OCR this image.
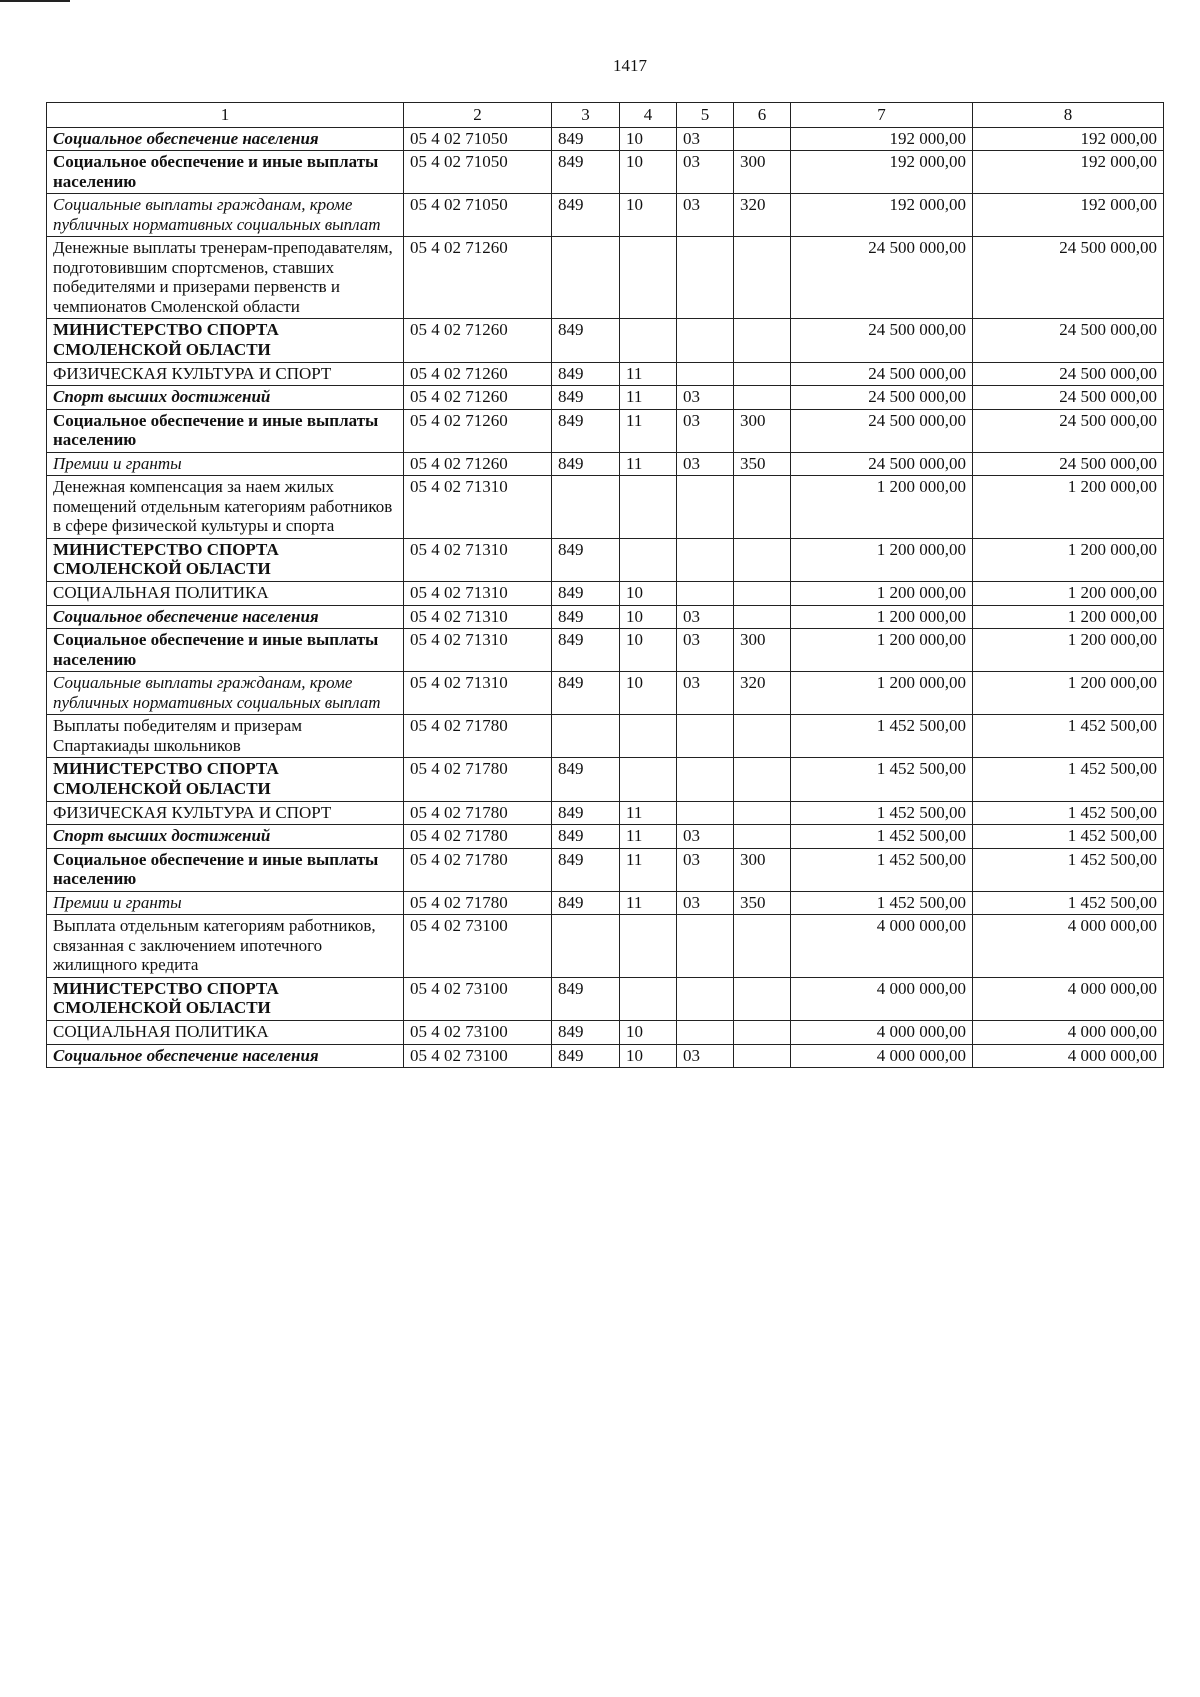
1417
1	2	3	4	5	6	7	8
Социальное обеспечение населения	05 4 02 71050	849	10	03		192 000,00	192 000,00
Социальное обеспечение и иные выплаты населению	05 4 02 71050	849	10	03	300	192 000,00	192 000,00
Социальные выплаты гражданам, кроме публичных нормативных социальных выплат	05 4 02 71050	849	10	03	320	192 000,00	192 000,00
Денежные выплаты тренерам-преподавателям, подготовившим спортсменов, ставших победителями и призерами первенств и чемпионатов Смоленской области	05 4 02 71260					24 500 000,00	24 500 000,00
МИНИСТЕРСТВО СПОРТА СМОЛЕНСКОЙ ОБЛАСТИ	05 4 02 71260	849				24 500 000,00	24 500 000,00
ФИЗИЧЕСКАЯ КУЛЬТУРА И СПОРТ	05 4 02 71260	849	11			24 500 000,00	24 500 000,00
Спорт высших достижений	05 4 02 71260	849	11	03		24 500 000,00	24 500 000,00
Социальное обеспечение и иные выплаты населению	05 4 02 71260	849	11	03	300	24 500 000,00	24 500 000,00
Премии и гранты	05 4 02 71260	849	11	03	350	24 500 000,00	24 500 000,00
Денежная компенсация за наем жилых помещений отдельным категориям работников в сфере физической культуры и спорта	05 4 02 71310					1 200 000,00	1 200 000,00
МИНИСТЕРСТВО СПОРТА СМОЛЕНСКОЙ ОБЛАСТИ	05 4 02 71310	849				1 200 000,00	1 200 000,00
СОЦИАЛЬНАЯ ПОЛИТИКА	05 4 02 71310	849	10			1 200 000,00	1 200 000,00
Социальное обеспечение населения	05 4 02 71310	849	10	03		1 200 000,00	1 200 000,00
Социальное обеспечение и иные выплаты населению	05 4 02 71310	849	10	03	300	1 200 000,00	1 200 000,00
Социальные выплаты гражданам, кроме публичных нормативных социальных выплат	05 4 02 71310	849	10	03	320	1 200 000,00	1 200 000,00
Выплаты победителям и призерам Спартакиады школьников	05 4 02 71780					1 452 500,00	1 452 500,00
МИНИСТЕРСТВО СПОРТА СМОЛЕНСКОЙ ОБЛАСТИ	05 4 02 71780	849				1 452 500,00	1 452 500,00
ФИЗИЧЕСКАЯ КУЛЬТУРА И СПОРТ	05 4 02 71780	849	11			1 452 500,00	1 452 500,00
Спорт высших достижений	05 4 02 71780	849	11	03		1 452 500,00	1 452 500,00
Социальное обеспечение и иные выплаты населению	05 4 02 71780	849	11	03	300	1 452 500,00	1 452 500,00
Премии и гранты	05 4 02 71780	849	11	03	350	1 452 500,00	1 452 500,00
Выплата отдельным категориям работников, связанная с заключением ипотечного жилищного кредита	05 4 02 73100					4 000 000,00	4 000 000,00
МИНИСТЕРСТВО СПОРТА СМОЛЕНСКОЙ ОБЛАСТИ	05 4 02 73100	849				4 000 000,00	4 000 000,00
СОЦИАЛЬНАЯ ПОЛИТИКА	05 4 02 73100	849	10			4 000 000,00	4 000 000,00
Социальное обеспечение населения	05 4 02 73100	849	10	03		4 000 000,00	4 000 000,00
